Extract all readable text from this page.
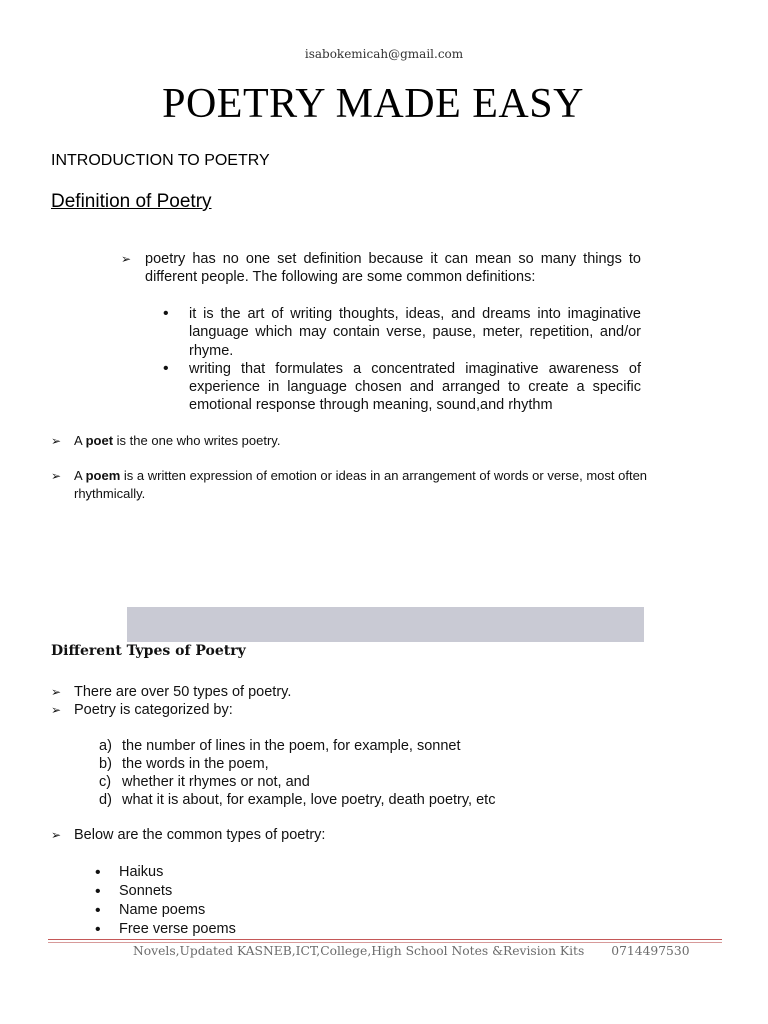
isabokemicah@gmail.com
POETRY MADE EASY
INTRODUCTION TO POETRY
Definition of Poetry
➢ poetry has no one set definition because it can mean so many things to different people. The following are some common definitions:
•	it is the art of writing thoughts, ideas, and dreams into imaginative language which may contain verse, pause, meter, repetition, and/or rhyme.
•	writing that formulates a concentrated imaginative awareness of experience in language chosen and arranged to create a specific emotional response through meaning, sound,and rhythm
➢ A poet is the one who writes poetry.
➢ A poem is a written expression of emotion or ideas in an arrangement of words or verse, most often rhythmically.
Different Types of Poetry
➢ There are over 50 types of poetry.
➢ Poetry is categorized by:
a) the number of lines in the poem, for example, sonnet
b) the words in the poem,
c) whether it rhymes or not, and
d) what it is about, for example, love poetry, death poetry, etc
➢ Below are the common types of poetry:
•	Haikus
•	Sonnets
•	Name poems
•	Free verse poems
Novels,Updated KASNEB,ICT,College,High School Notes &Revision Kits 0714497530
